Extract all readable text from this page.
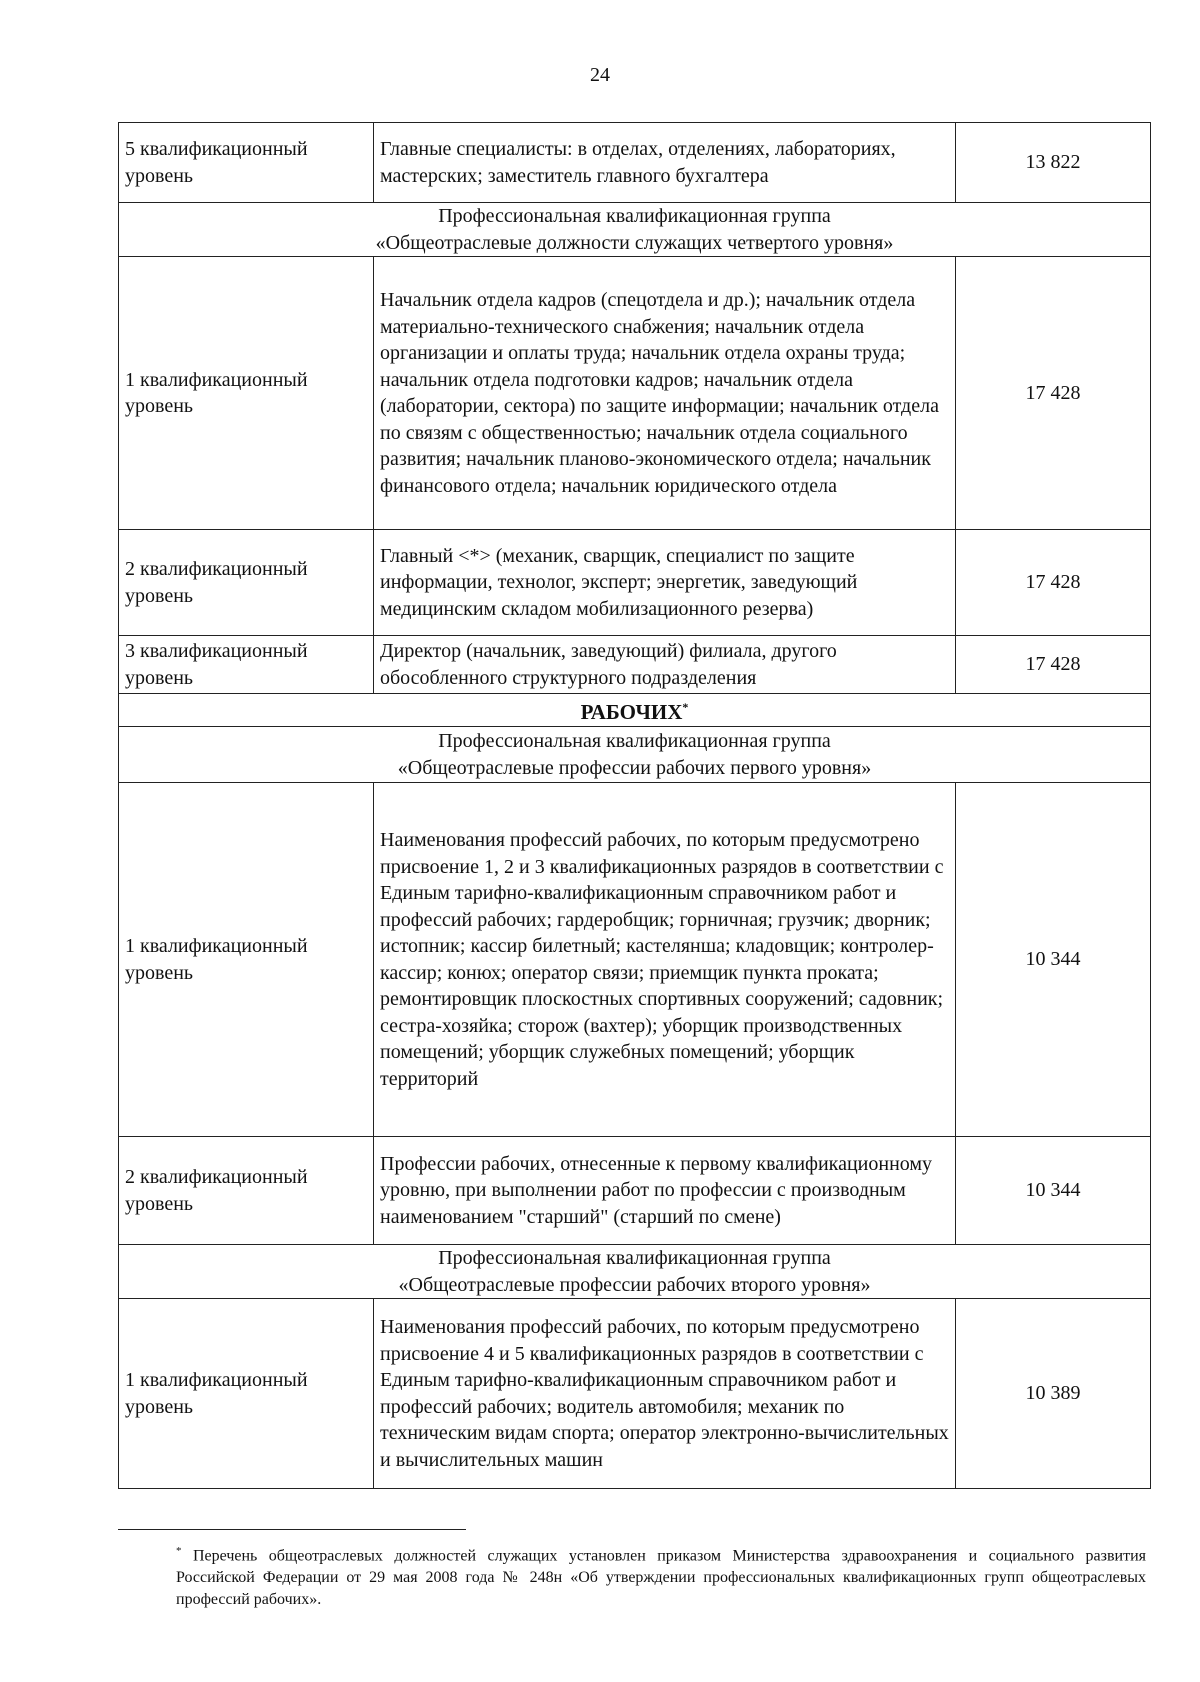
24
5 квалификационный уровень	Главные специалисты: в отделах, отделениях, лабораториях, мастерских; заместитель главного бухгалтера	13 822

Профессиональная квалификационная группа
«Общеотраслевые должности служащих четвертого уровня»		

1 квалификационный уровень	Начальник отдела кадров (спецотдела и др.); начальник отдела материально-технического снабжения; начальник отдела организации и оплаты труда; начальник отдела охраны труда; начальник отдела подготовки кадров; начальник отдела (лаборатории, сектора) по защите информации; начальник отдела по связям с общественностью; начальник отдела социального развития; начальник планово-экономического отдела; начальник финансового отдела; начальник юридического отдела	17 428
2 квалификационный уровень	Главный <*> (механик, сварщик, специалист по защите информации, технолог, эксперт; энергетик, заведующий медицинским складом мобилизационного резерва)	17 428
3 квалификационный уровень	Директор (начальник, заведующий) филиала, другого обособленного структурного подразделения	17 428
РАБОЧИХ*

Профессиональная квалификационная группа
«Общеотраслевые профессии рабочих первого уровня»		

1 квалификационный уровень	Наименования профессий рабочих, по которым предусмотрено присвоение 1, 2 и 3 квалификационных разрядов в соответствии с Единым тарифно-квалификационным справочником работ и профессий рабочих; гардеробщик; горничная; грузчик; дворник; истопник; кассир билетный; кастелянша; кладовщик; контролер-кассир; конюх; оператор связи; приемщик пункта проката; ремонтировщик плоскостных спортивных сооружений; садовник; сестра-хозяйка; сторож (вахтер); уборщик производственных помещений; уборщик служебных помещений; уборщик территорий	10 344
2 квалификационный уровень	Профессии рабочих, отнесенные к первому квалификационному уровню, при выполнении работ по профессии с производным наименованием "старший" (старший по смене)	10 344

Профессиональная квалификационная группа
«Общеотраслевые профессии рабочих второго уровня»		

1 квалификационный уровень	Наименования профессий рабочих, по которым предусмотрено присвоение 4 и 5 квалификационных разрядов в соответствии с Единым тарифно-квалификационным справочником работ и профессий рабочих; водитель автомобиля; механик по техническим видам спорта; оператор электронно-вычислительных и вычислительных машин	10 389
* Перечень общеотраслевых должностей служащих установлен приказом Министерства здравоохранения и социального развития Российской Федерации от 29 мая 2008 года № 248н «Об утверждении профессиональных квалификационных групп общеотраслевых профессий рабочих».
